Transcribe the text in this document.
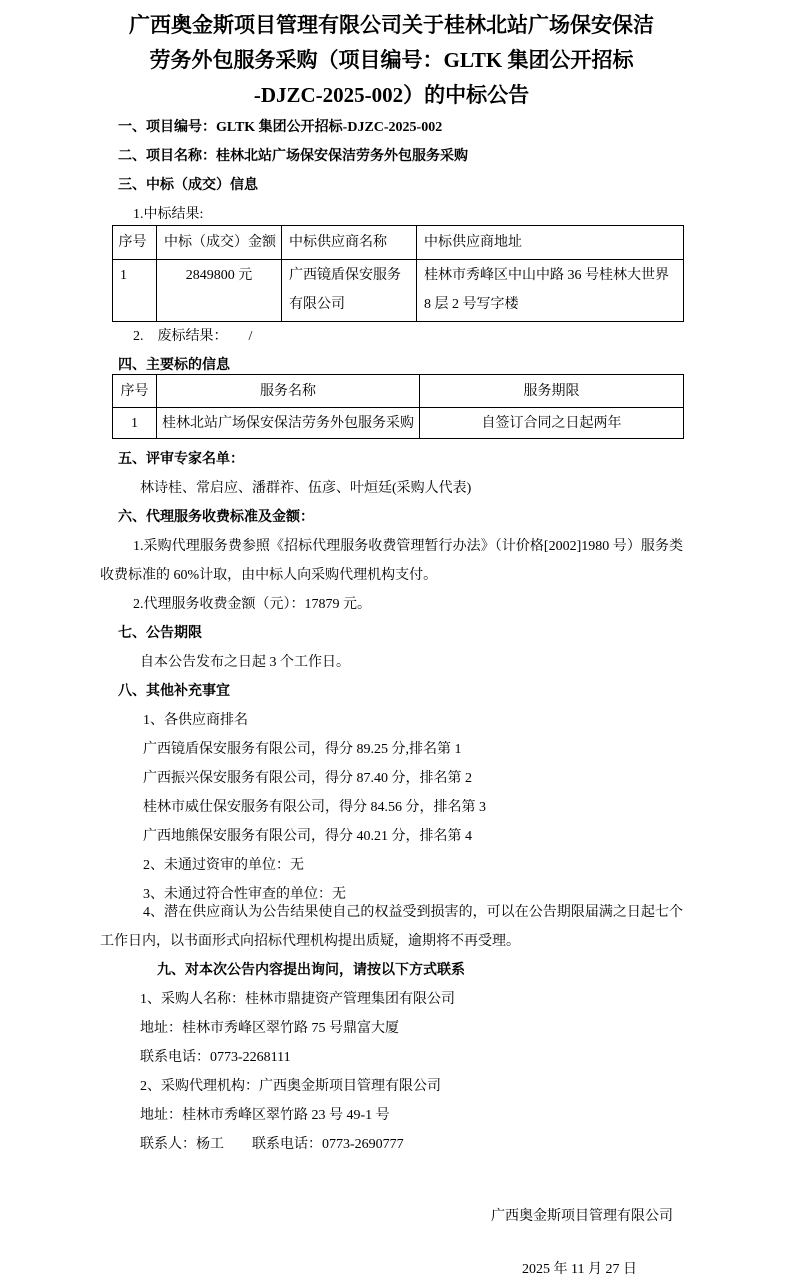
广西奥金斯项目管理有限公司关于桂林北站广场保安保洁
劳务外包服务采购（项目编号：GLTK 集团公开招标
-DJZC-2025-002）的中标公告

一、项目编号：GLTK 集团公开招标-DJZC-2025-002

二、项目名称：桂林北站广场保安保洁劳务外包服务采购

三、中标（成交）信息

1.中标结果:

序号	中标（成交）金额	中标供应商名称	中标供应商地址
1	2849800 元	广西镜盾保安服务有限公司	桂林市秀峰区中山中路 36 号桂林大世界 8 层 2 号写字楼

2.　废标结果：　　/

四、主要标的信息

序号	服务名称	服务期限
1	桂林北站广场保安保洁劳务外包服务采购	自签订合同之日起两年

五、评审专家名单：

林诗桂、常启应、潘群祚、伍彦、叶烜廷(采购人代表)

六、代理服务收费标准及金额：

1.采购代理服务费参照《招标代理服务收费管理暂行办法》（计价格[2002]1980 号）服务类收费标准的 60%计取，由中标人向采购代理机构支付。

2.代理服务收费金额（元）：17879 元。

七、公告期限

自本公告发布之日起 3 个工作日。

八、其他补充事宜

1、各供应商排名

广西镜盾保安服务有限公司，得分 89.25 分,排名第 1

广西振兴保安服务有限公司，得分 87.40 分，排名第 2

桂林市威仕保安服务有限公司，得分 84.56 分，排名第 3

广西地熊保安服务有限公司，得分 40.21 分，排名第 4

2、未通过资审的单位：无

3、未通过符合性审查的单位：无

4、潜在供应商认为公告结果使自己的权益受到损害的，可以在公告期限届满之日起七个工作日内，以书面形式向招标代理机构提出质疑，逾期将不再受理。

九、对本次公告内容提出询问，请按以下方式联系

1、采购人名称：桂林市鼎捷资产管理集团有限公司

地址：桂林市秀峰区翠竹路 75 号鼎富大厦

联系电话：0773-2268111

2、采购代理机构：广西奥金斯项目管理有限公司

地址：桂林市秀峰区翠竹路 23 号 49-1 号

联系人：杨工　　联系电话：0773-2690777

广西奥金斯项目管理有限公司

2025 年 11 月 27 日
